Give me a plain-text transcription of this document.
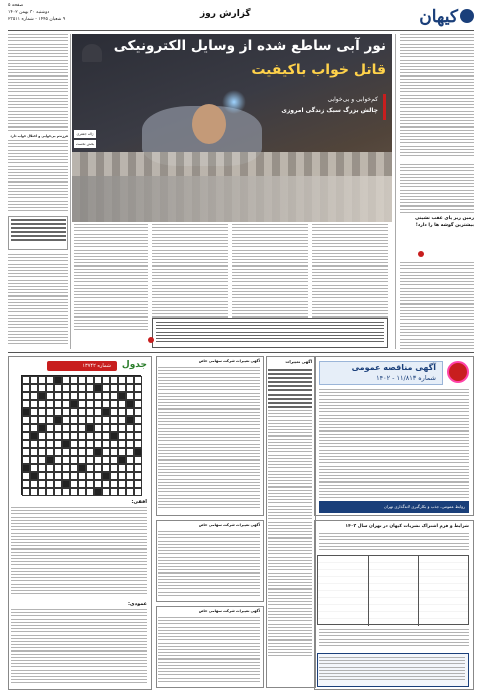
کیهان
گزارش روز
دوشنبه ۳۰ بهمن ۱۴۰۲
۹ شعبان ۱۴۴۵ - شماره ۲۳۵۱۱
صفحه ۵
زمین زیر پای عقب نشینی بیشترین گوشه ها را دارد!
فرزندم بی‌خوابی و اختلال خواب دارد
نور آبی ساطع شده از وسایل الکترونیکی
قاتل خواب باکیفیت
کم‌خوابی و بی‌خوابی
چالش بزرگ سبک زندگی امروزی
ژاله جعفری
بخش نخست
آگهی مناقصه عمومی
شماره ۱۱/۸۱۳ - ۱۴۰۲
روابط عمومی، جذب و بکارگیری لانه‌گذاری تهران
شرایط و فرم اشتراک نشریات کیهان در تهران سال ۱۴۰۲
آگهی تغییرات شرکت سهامی خاص	آگهی تغییرات
آگهی تغییرات شرکت سهامی خاص
آگهی تغییرات شرکت سهامی خاص
جدول
شماره ۱۳۷۴۲
افقی:
عمودی:
